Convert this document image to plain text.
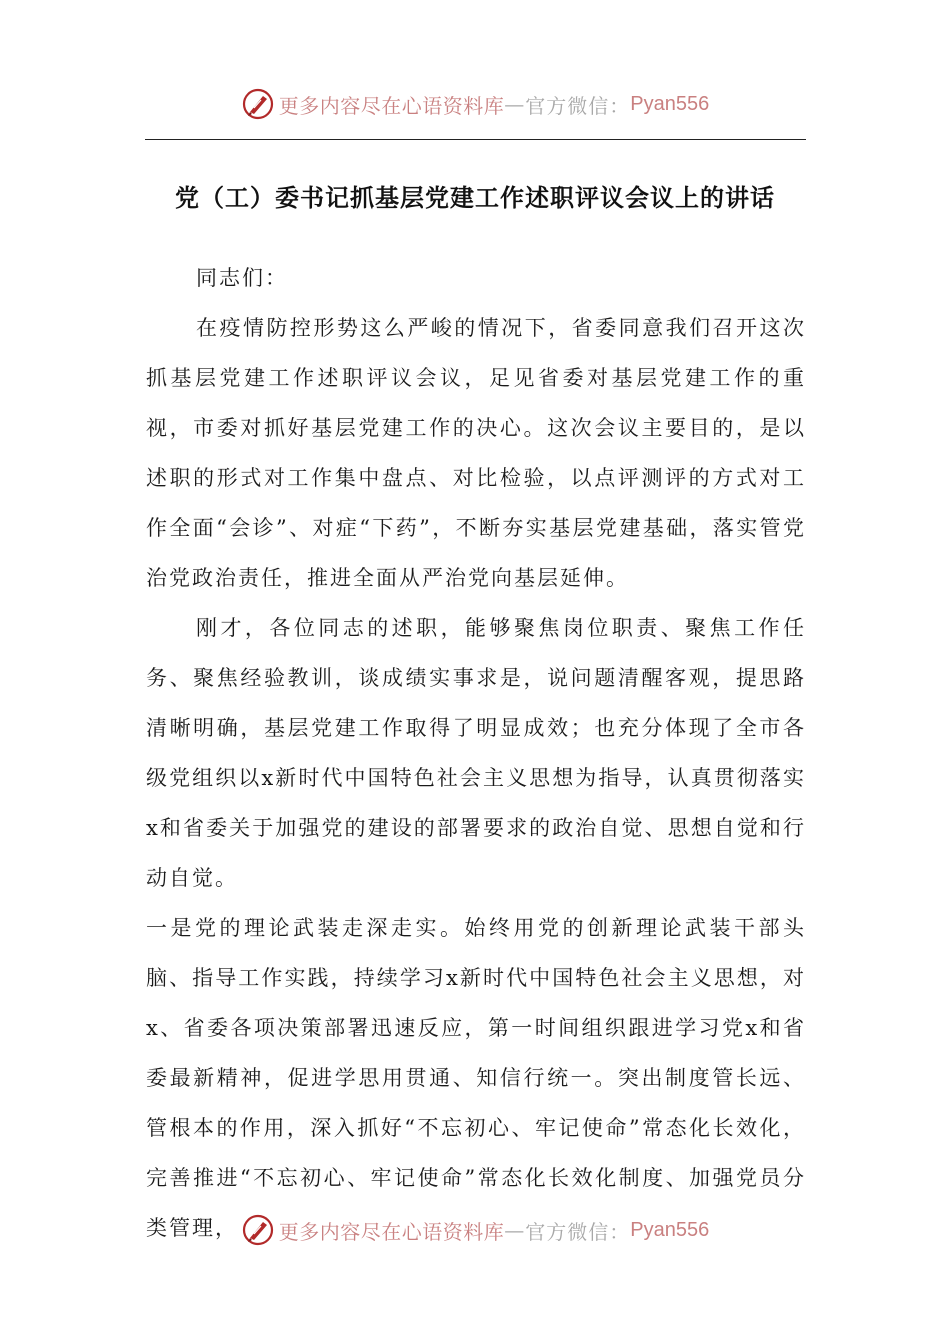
更多内容尽在心语资料库 — 官方微信： Pyan556
党（工）委书记抓基层党建工作述职评议会议上的讲话

同志们：

在疫情防控形势这么严峻的情况下，省委同意我们召开这次抓基层党建工作述职评议会议，足见省委对基层党建工作的重视，市委对抓好基层党建工作的决心。这次会议主要目的，是以述职的形式对工作集中盘点、对比检验，以点评测评的方式对工作全面“会诊”、对症“下药”，不断夯实基层党建基础，落实管党治党政治责任，推进全面从严治党向基层延伸。

刚才，各位同志的述职，能够聚焦岗位职责、聚焦工作任务、聚焦经验教训，谈成绩实事求是，说问题清醒客观，提思路清晰明确，基层党建工作取得了明显成效；也充分体现了全市各级党组织以x新时代中国特色社会主义思想为指导，认真贯彻落实x和省委关于加强党的建设的部署要求的政治自觉、思想自觉和行动自觉。

一是党的理论武装走深走实。始终用党的创新理论武装干部头脑、指导工作实践，持续学习x新时代中国特色社会主义思想，对x、省委各项决策部署迅速反应，第一时间组织跟进学习党x和省委最新精神，促进学思用贯通、知信行统一。突出制度管长远、管根本的作用，深入抓好“不忘初心、牢记使命”常态化长效化，完善推进“不忘初心、牢记使命”常态化长效化制度、加强党员分类管理，	更多内容尽在心语资料库 — 官方微信： Pyan556
